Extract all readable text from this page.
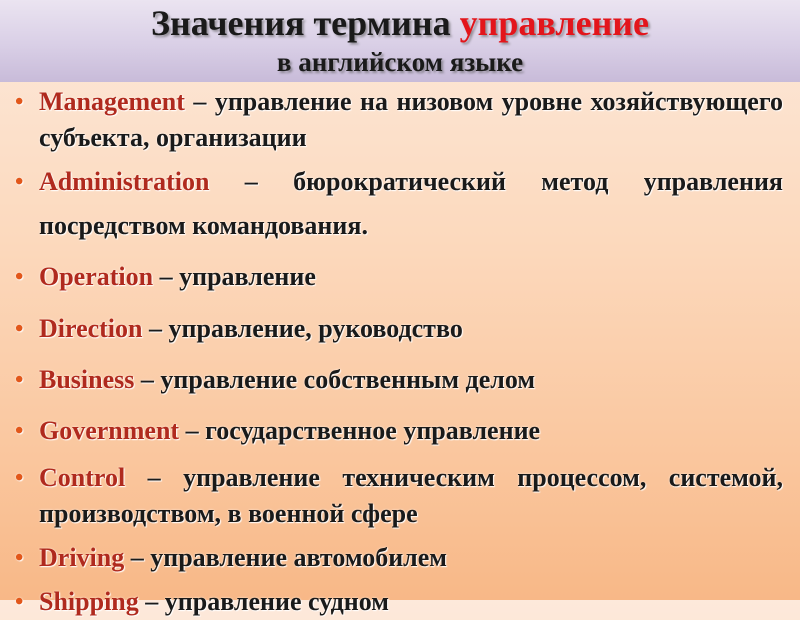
Значения термина управление
в английском языке
• Management – управление на низовом уровне хозяйствующего субъекта, организации
• Administration – бюрократический метод управления посредством командования.
• Operation – управление
• Direction – управление, руководство
• Business – управление собственным делом
• Government – государственное управление
• Control – управление техническим процессом, системой, производством, в военной сфере
• Driving – управление автомобилем
• Shipping – управление судном
